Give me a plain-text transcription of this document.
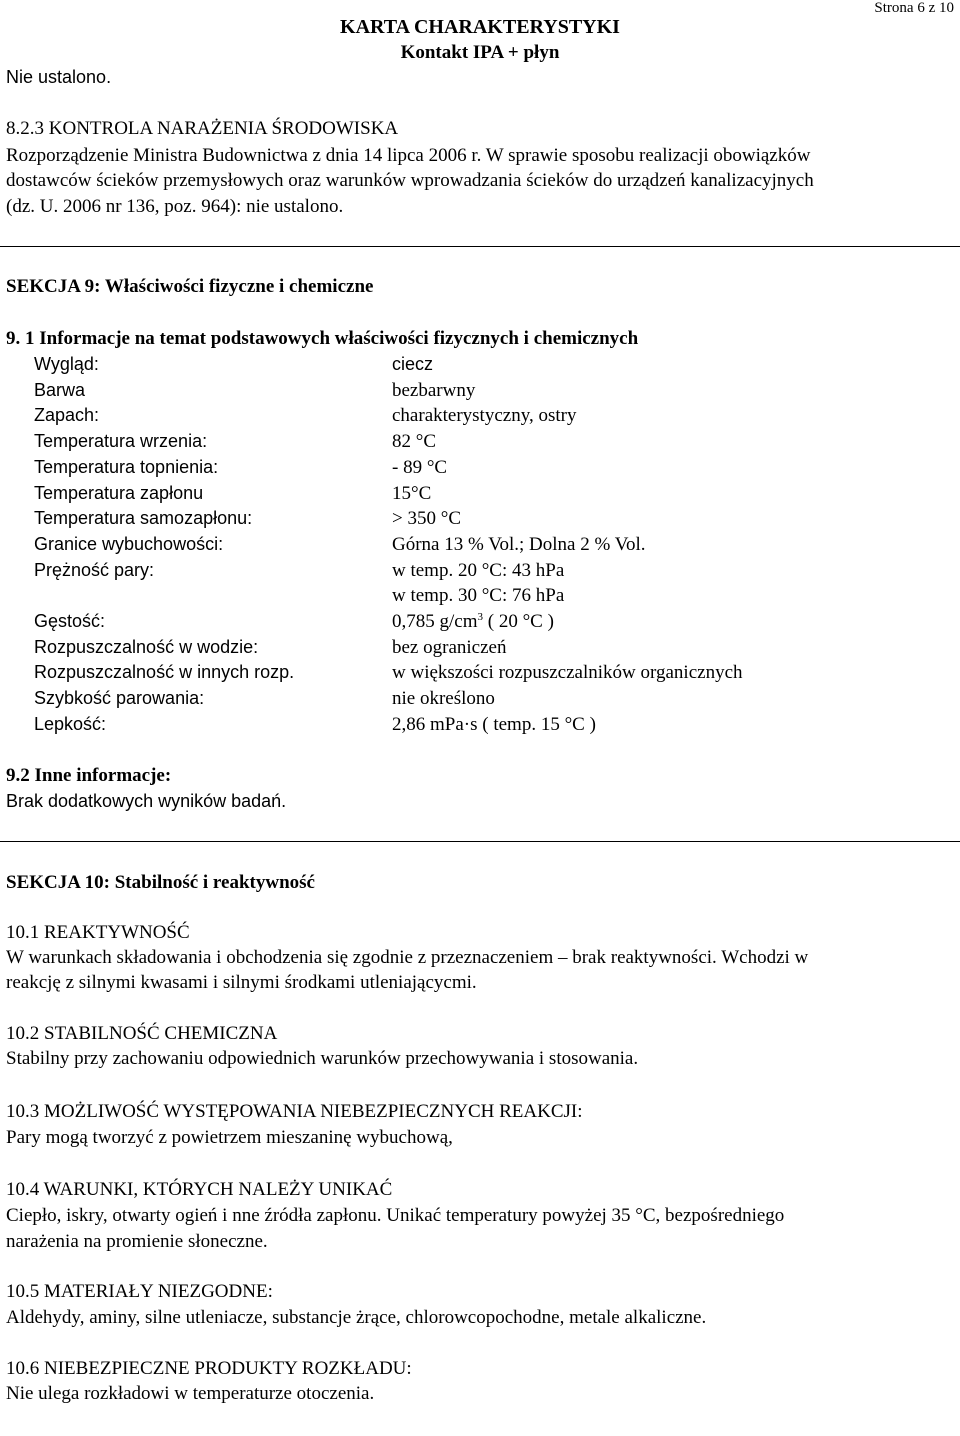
Strona 6 z 10
KARTA CHARAKTERYSTYKI
Kontakt IPA + płyn
Nie ustalono.
8.2.3 KONTROLA NARAŻENIA ŚRODOWISKA
Rozporządzenie Ministra Budownictwa z dnia 14 lipca 2006 r. W sprawie sposobu realizacji obowiązków
dostawców ścieków przemysłowych oraz warunków wprowadzania ścieków do urządzeń kanalizacyjnych
(dz. U. 2006 nr 136, poz. 964): nie ustalono.
SEKCJA 9: Właściwości fizyczne i chemiczne
9. 1 Informacje na temat podstawowych właściwości fizycznych i chemicznych
Wygląd:	ciecz
Barwa	bezbarwny
Zapach:	charakterystyczny, ostry
Temperatura wrzenia:	82 °C
Temperatura topnienia:	- 89 °C
Temperatura zapłonu	15°C
Temperatura samozapłonu:	> 350 °C
Granice wybuchowości:	Górna 13 % Vol.; Dolna 2 % Vol.
Prężność pary:	w temp. 20 °C: 43 hPa
w temp. 30 °C: 76 hPa
Gęstość:	0,785 $g/cm^3$ ( 20 °C )
Rozpuszczalność w wodzie:	bez ograniczeń
Rozpuszczalność w innych rozp.	w większości rozpuszczalników organicznych
Szybkość parowania:	nie określono
Lepkość:	2,86 mPa·s ( temp. 15 °C )
9.2 Inne informacje:
Brak dodatkowych wyników badań.
SEKCJA 10: Stabilność i reaktywność
10.1 REAKTYWNOŚĆ
W warunkach składowania i obchodzenia się zgodnie z przeznaczeniem – brak reaktywności. Wchodzi w
reakcję z silnymi kwasami i silnymi środkami utleniającycmi.
10.2 STABILNOŚĆ CHEMICZNA
Stabilny przy zachowaniu odpowiednich warunków przechowywania i stosowania.
10.3 MOŻLIWOŚĆ WYSTĘPOWANIA NIEBEZPIECZNYCH REAKCJI:
Pary mogą tworzyć z powietrzem mieszaninę wybuchową,
10.4 WARUNKI, KTÓRYCH NALEŻY UNIKAĆ
Ciepło, iskry, otwarty ogień i nne źródła zapłonu. Unikać temperatury powyżej 35 °C, bezpośredniego
narażenia na promienie słoneczne.
10.5 MATERIAŁY NIEZGODNE:
Aldehydy, aminy, silne utleniacze, substancje żrące, chlorowcopochodne, metale alkaliczne.
10.6 NIEBEZPIECZNE PRODUKTY ROZKŁADU:
Nie ulega rozkładowi w temperaturze otoczenia.
